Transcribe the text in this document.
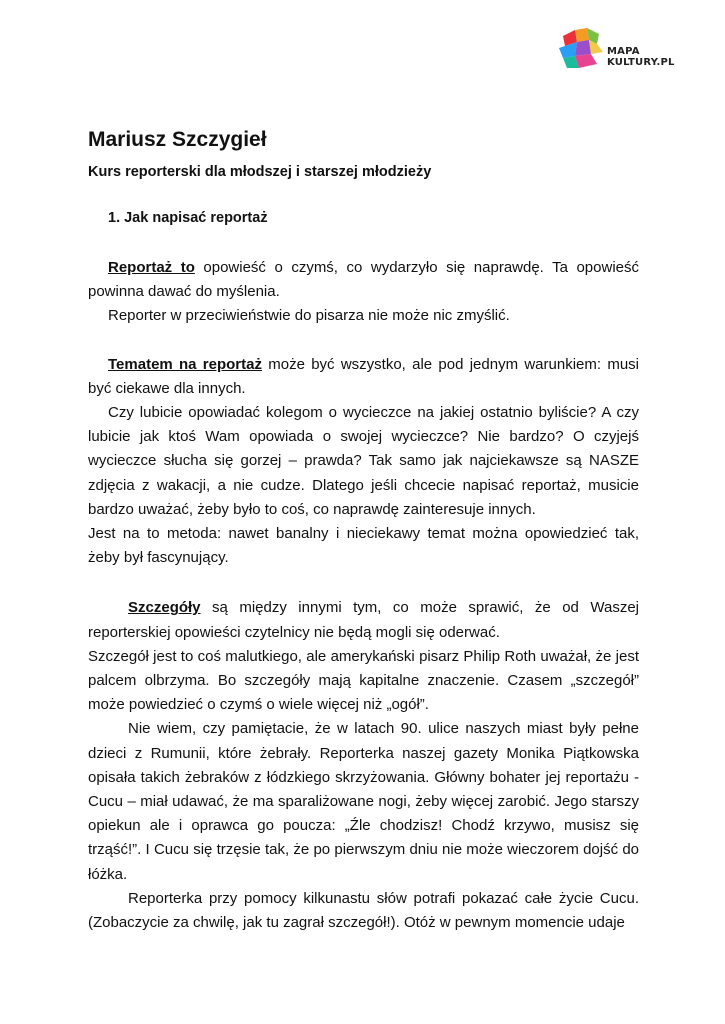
MAPA
KULTURY.PL
Mariusz Szczygieł
Kurs reporterski dla młodszej i starszej młodzieży
1. Jak napisać reportaż

Reportaż to opowieść o czymś, co wydarzyło się naprawdę. Ta opowieść powinna dawać do myślenia.

Reporter w przeciwieństwie do pisarza nie może nic zmyślić.

Tematem na reportaż może być wszystko, ale pod jednym warunkiem: musi być ciekawe dla innych.

Czy lubicie opowiadać kolegom o wycieczce na jakiej ostatnio byliście? A czy lubicie jak ktoś Wam opowiada o swojej wycieczce? Nie bardzo? O czyjejś wycieczce słucha się gorzej – prawda? Tak samo jak najciekawsze są NASZE zdjęcia z wakacji, a nie cudze. Dlatego jeśli chcecie napisać reportaż, musicie bardzo uważać, żeby było to coś, co naprawdę zainteresuje innych.

Jest na to metoda: nawet banalny i nieciekawy temat można opowiedzieć tak, żeby był fascynujący.

Szczegóły są między innymi tym, co może sprawić, że od Waszej reporterskiej opowieści czytelnicy nie będą mogli się oderwać.

Szczegół jest to coś malutkiego, ale amerykański pisarz Philip Roth uważał, że jest palcem olbrzyma. Bo szczegóły mają kapitalne znaczenie. Czasem „szczegół” może powiedzieć o czymś o wiele więcej niż „ogół”.

Nie wiem, czy pamiętacie, że w latach 90. ulice naszych miast były pełne dzieci z Rumunii, które żebrały. Reporterka naszej gazety Monika Piątkowska opisała takich żebraków z łódzkiego skrzyżowania. Główny bohater jej reportażu - Cucu – miał udawać, że ma sparaliżowane nogi, żeby więcej zarobić. Jego starszy opiekun ale i oprawca go poucza: „Źle chodzisz! Chodź krzywo, musisz się trząść!”. I Cucu się trzęsie tak, że po pierwszym dniu nie może wieczorem dojść do łóżka.

Reporterka przy pomocy kilkunastu słów potrafi pokazać całe życie Cucu. (Zobaczycie za chwilę, jak tu zagrał szczegół!). Otóż w pewnym momencie udaje
